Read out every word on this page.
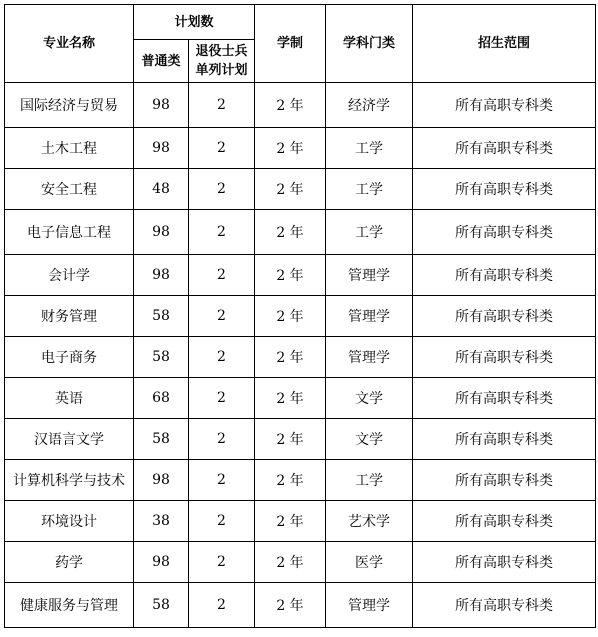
专业名称	计划数		学制	学科门类	招生范围
	普通类	退役士兵
单列计划			
国际经济与贸易	98	2	2 年	经济学	所有高职专科类
土木工程	98	2	2 年	工学	所有高职专科类
安全工程	48	2	2 年	工学	所有高职专科类
电子信息工程	98	2	2 年	工学	所有高职专科类
会计学	98	2	2 年	管理学	所有高职专科类
财务管理	58	2	2 年	管理学	所有高职专科类
电子商务	58	2	2 年	管理学	所有高职专科类
英语	68	2	2 年	文学	所有高职专科类
汉语言文学	58	2	2 年	文学	所有高职专科类
计算机科学与技术	98	2	2 年	工学	所有高职专科类
环境设计	38	2	2 年	艺术学	所有高职专科类
药学	98	2	2 年	医学	所有高职专科类
健康服务与管理	58	2	2 年	管理学	所有高职专科类
